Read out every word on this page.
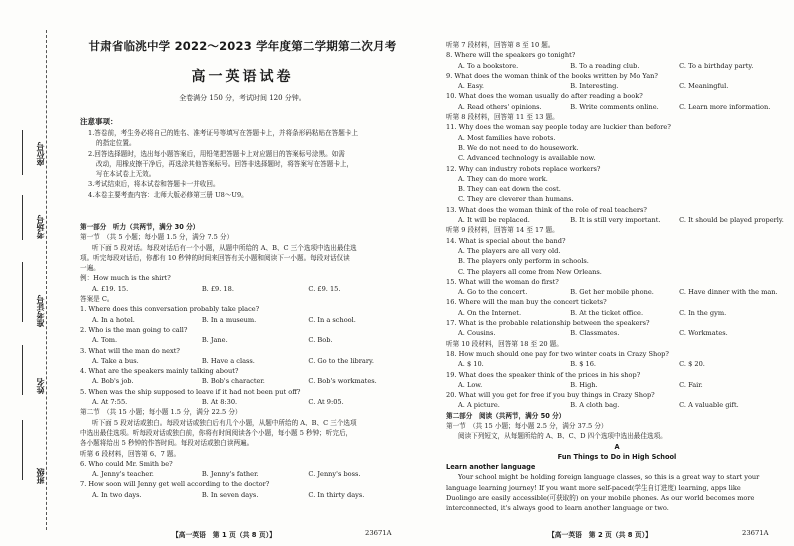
座位号
考场号
准考证号
姓名
班级
甘肃省临洮中学 2022～2023 学年度第二学期第二次月考
高一英语试卷
全卷满分 150 分，考试时间 120 分钟。
注意事项：
1.答卷前，考生务必将自己的姓名、准考证号等填写在答题卡上，并将条形码粘贴在答题卡上
的指定位置。
2.回答选择题时，选出每小题答案后，用铅笔把答题卡上对应题目的答案标号涂黑。如需
改动，用橡皮擦干净后，再选涂其他答案标号。回答非选择题时，将答案写在答题卡上，
写在本试卷上无效。
3.考试结束后，将本试卷和答题卡一并收回。
4.本卷主要考查内容：北师大版必修第三册 U8～U9。
第一部分　听力（共两节，满分 30 分）
第一节　（共 5 小题；每小题 1.5 分，满分 7.5 分）
听下面 5 段对话。每段对话后有一个小题，从题中所给的 A、B、C 三个选项中选出最佳选
项。听完每段对话后，你都有 10 秒钟的时间来回答有关小题和阅读下一小题。每段对话仅读
一遍。
例：How much is the shirt?
A. £19. 15.	B. £9. 18.	C. £9. 15.
答案是 C。
1. Where does this conversation probably take place?
A. In a hotel.	B. In a museum.	C. In a school.
2. Who is the man going to call?
A. Tom.	B. Jane.	C. Bob.
3. What will the man do next?
A. Take a bus.	B. Have a class.	C. Go to the library.
4. What are the speakers mainly talking about?
A. Bob's job.	B. Bob's character.	C. Bob's workmates.
5. When was the ship supposed to leave if it had not been put off?
A. At 7:55.	B. At 8:30.	C. At 9:05.
第二节　（共 15 小题；每小题 1.5 分，满分 22.5 分）
听下面 5 段对话或独白。每段对话或独白后有几个小题，从题中所给的 A、B、C 三个选项
中选出最佳选项。听每段对话或独白前，你将有时间阅读各个小题，每小题 5 秒钟；听完后，
各小题将给出 5 秒钟的作答时间。每段对话或独白读两遍。
听第 6 段材料，回答第 6、7 题。
6. Who could Mr. Smith be?
A. Jenny's teacher.	B. Jenny's father.	C. Jenny's boss.
7. How soon will Jenny get well according to the doctor?
A. In two days.	B. In seven days.	C. In thirty days.
听第 7 段材料，回答第 8 至 10 题。
8. Where will the speakers go tonight?
A. To a bookstore.	B. To a reading club.	C. To a birthday party.
9. What does the woman think of the books written by Mo Yan?
A. Easy.	B. Interesting.	C. Meaningful.
10. What does the woman usually do after reading a book?
A. Read others' opinions.	B. Write comments online.	C. Learn more information.
听第 8 段材料，回答第 11 至 13 题。
11. Why does the woman say people today are luckier than before?
A. Most families have robots.
B. We do not need to do housework.
C. Advanced technology is available now.
12. Why can industry robots replace workers?
A. They can do more work.
B. They can eat down the cost.
C. They are cleverer than humans.
13. What does the woman think of the role of real teachers?
A. It will be replaced.	B. It is still very important.	C. It should be played properly.
听第 9 段材料，回答第 14 至 17 题。
14. What is special about the band?
A. The players are all very old.
B. The players only perform in schools.
C. The players all come from New Orleans.
15. What will the woman do first?
A. Go to the concert.	B. Get her mobile phone.	C. Have dinner with the man.
16. Where will the man buy the concert tickets?
A. On the Internet.	B. At the ticket office.	C. In the gym.
17. What is the probable relationship between the speakers?
A. Cousins.	B. Classmates.	C. Workmates.
听第 10 段材料，回答第 18 至 20 题。
18. How much should one pay for two winter coats in Crazy Shop?
A. $ 10.	B. $ 16.	C. $ 20.
19. What does the speaker think of the prices in his shop?
A. Low.	B. High.	C. Fair.
20. What will you get for free if you buy things in Crazy Shop?
A. A picture.	B. A cloth bag.	C. A valuable gift.
第二部分　阅读（共两节，满分 50 分）
第一节　（共 15 小题；每小题 2.5 分，满分 37.5 分）
阅读下列短文，从每题所给的 A、B、C、D 四个选项中选出最佳选项。
A
Fun Things to Do in High School
Learn another language
Your school might be holding foreign language classes, so this is a great way to start your
language learning journey! If you want more self-paced(学生自订进度) learning, apps like
Duolingo are easily accessible(可获取的) on your mobile phones. As our world becomes more
interconnected, it's always good to learn another language or two.
【高一英语　第 1 页（共 8 页）】	23671A	【高一英语　第 2 页（共 8 页）】	23671A
